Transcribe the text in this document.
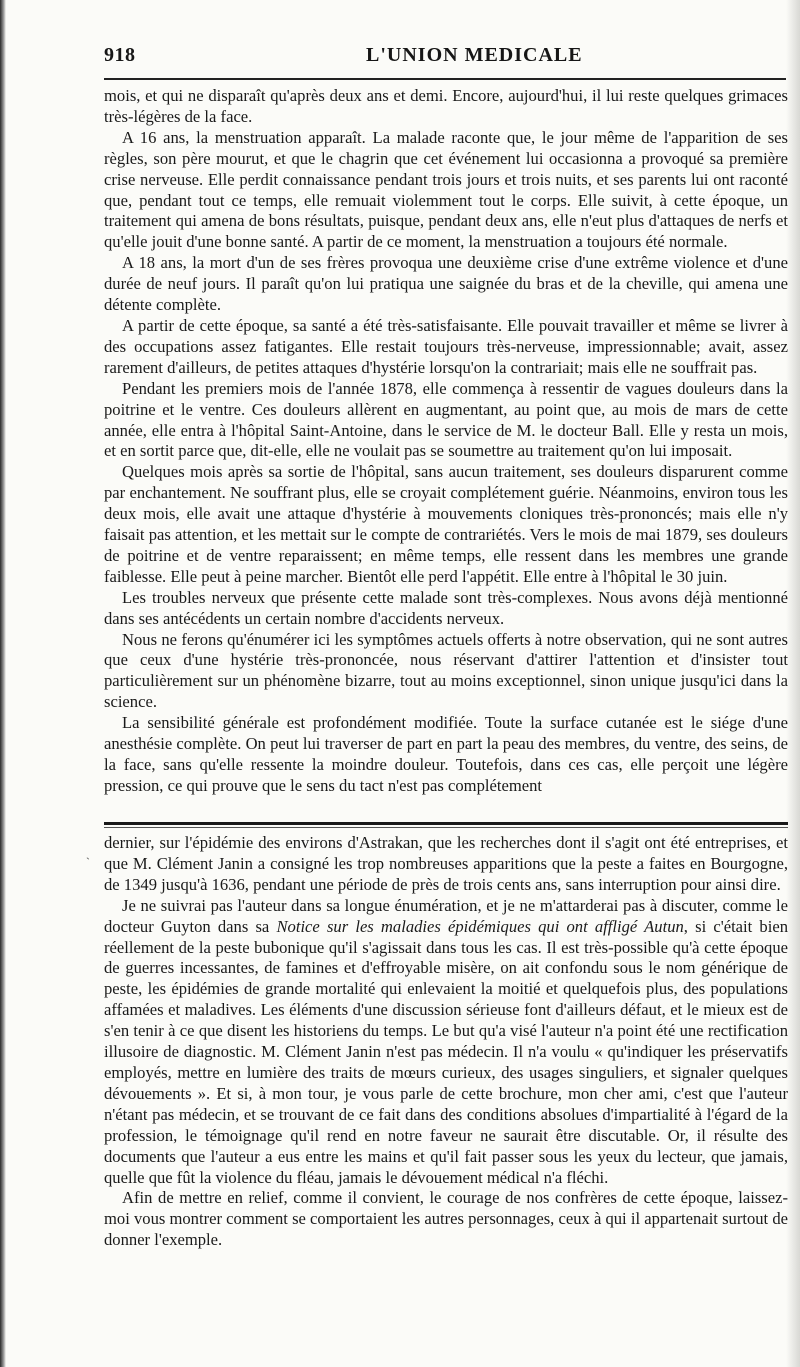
918	L'UNION MEDICALE

mois, et qui ne disparaît qu'après deux ans et demi. Encore, aujourd'hui, il lui reste quelques grimaces très-légères de la face.

A 16 ans, la menstruation apparaît. La malade raconte que, le jour même de l'apparition de ses règles, son père mourut, et que le chagrin que cet événement lui occasionna a provoqué sa première crise nerveuse. Elle perdit connaissance pendant trois jours et trois nuits, et ses parents lui ont raconté que, pendant tout ce temps, elle remuait violemment tout le corps. Elle suivit, à cette époque, un traitement qui amena de bons résultats, puisque, pendant deux ans, elle n'eut plus d'attaques de nerfs et qu'elle jouit d'une bonne santé. A partir de ce moment, la menstruation a toujours été normale.

A 18 ans, la mort d'un de ses frères provoqua une deuxième crise d'une extrême violence et d'une durée de neuf jours. Il paraît qu'on lui pratiqua une saignée du bras et de la cheville, qui amena une détente complète.

A partir de cette époque, sa santé a été très-satisfaisante. Elle pouvait travailler et même se livrer à des occupations assez fatigantes. Elle restait toujours très-nerveuse, impressionnable; avait, assez rarement d'ailleurs, de petites attaques d'hystérie lorsqu'on la contrariait; mais elle ne souffrait pas.

Pendant les premiers mois de l'année 1878, elle commença à ressentir de vagues douleurs dans la poitrine et le ventre. Ces douleurs allèrent en augmentant, au point que, au mois de mars de cette année, elle entra à l'hôpital Saint-Antoine, dans le service de M. le docteur Ball. Elle y resta un mois, et en sortit parce que, dit-elle, elle ne voulait pas se soumettre au traitement qu'on lui imposait.

Quelques mois après sa sortie de l'hôpital, sans aucun traitement, ses douleurs disparurent comme par enchantement. Ne souffrant plus, elle se croyait complétement guérie. Néanmoins, environ tous les deux mois, elle avait une attaque d'hystérie à mouvements cloniques très-prononcés; mais elle n'y faisait pas attention, et les mettait sur le compte de contrariétés. Vers le mois de mai 1879, ses douleurs de poitrine et de ventre reparaissent; en même temps, elle ressent dans les membres une grande faiblesse. Elle peut à peine marcher. Bientôt elle perd l'appétit. Elle entre à l'hôpital le 30 juin.

Les troubles nerveux que présente cette malade sont très-complexes. Nous avons déjà mentionné dans ses antécédents un certain nombre d'accidents nerveux.

Nous ne ferons qu'énumérer ici les symptômes actuels offerts à notre observation, qui ne sont autres que ceux d'une hystérie très-prononcée, nous réservant d'attirer l'attention et d'insister tout particulièrement sur un phénomène bizarre, tout au moins exceptionnel, sinon unique jusqu'ici dans la science.

La sensibilité générale est profondément modifiée. Toute la surface cutanée est le siége d'une anesthésie complète. On peut lui traverser de part en part la peau des membres, du ventre, des seins, de la face, sans qu'elle ressente la moindre douleur. Toutefois, dans ces cas, elle perçoit une légère pression, ce qui prouve que le sens du tact n'est pas complétement

ˎ

dernier, sur l'épidémie des environs d'Astrakan, que les recherches dont il s'agit ont été entreprises, et que M. Clément Janin a consigné les trop nombreuses apparitions que la peste a faites en Bourgogne, de 1349 jusqu'à 1636, pendant une période de près de trois cents ans, sans interruption pour ainsi dire.

Je ne suivrai pas l'auteur dans sa longue énumération, et je ne m'attarderai pas à discuter, comme le docteur Guyton dans sa Notice sur les maladies épidémiques qui ont affligé Autun, si c'était bien réellement de la peste bubonique qu'il s'agissait dans tous les cas. Il est très-possible qu'à cette époque de guerres incessantes, de famines et d'effroyable misère, on ait confondu sous le nom générique de peste, les épidémies de grande mortalité qui enlevaient la moitié et quelquefois plus, des populations affamées et maladives. Les éléments d'une discussion sérieuse font d'ailleurs défaut, et le mieux est de s'en tenir à ce que disent les historiens du temps. Le but qu'a visé l'auteur n'a point été une rectification illusoire de diagnostic. M. Clément Janin n'est pas médecin. Il n'a voulu « qu'indiquer les préservatifs employés, mettre en lumière des traits de mœurs curieux, des usages singuliers, et signaler quelques dévouements ». Et si, à mon tour, je vous parle de cette brochure, mon cher ami, c'est que l'auteur n'étant pas médecin, et se trouvant de ce fait dans des conditions absolues d'impartialité à l'égard de la profession, le témoignage qu'il rend en notre faveur ne saurait être discutable. Or, il résulte des documents que l'auteur a eus entre les mains et qu'il fait passer sous les yeux du lecteur, que jamais, quelle que fût la violence du fléau, jamais le dévouement médical n'a fléchi.

Afin de mettre en relief, comme il convient, le courage de nos confrères de cette époque, laissez-moi vous montrer comment se comportaient les autres personnages, ceux à qui il appartenait surtout de donner l'exemple.
